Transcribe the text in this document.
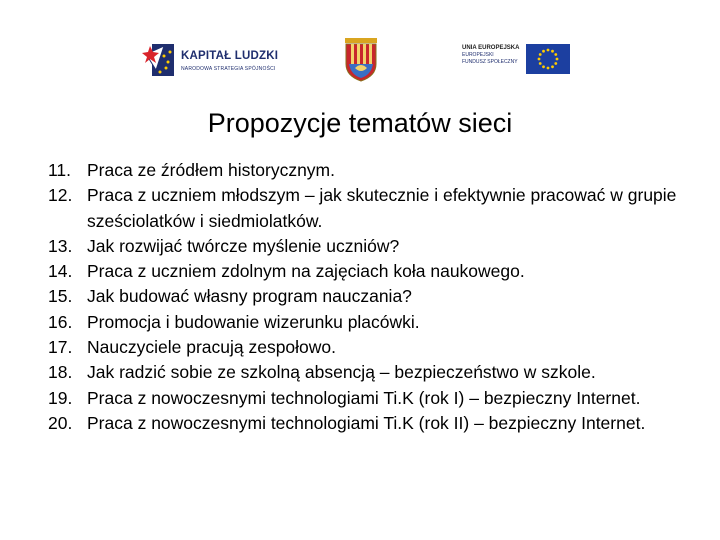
KAPITAŁ LUDZKI
NARODOWA STRATEGIA SPÓJNOŚCI
UNIA EUROPEJSKA
EUROPEJSKI
FUNDUSZ SPOŁECZNY
Propozycje tematów sieci
11. Praca ze źródłem historycznym.
12. Praca z uczniem młodszym – jak skutecznie i efektywnie pracować w grupie sześciolatków i siedmiolatków.
13. Jak rozwijać twórcze myślenie uczniów?
14. Praca z uczniem zdolnym na zajęciach koła naukowego.
15. Jak budować własny program nauczania?
16. Promocja i budowanie wizerunku placówki.
17. Nauczyciele pracują zespołowo.
18. Jak radzić sobie ze szkolną absencją – bezpieczeństwo w szkole.
19. Praca z nowoczesnymi technologiami Ti.K (rok I) – bezpieczny Internet.
20. Praca z nowoczesnymi technologiami Ti.K (rok II) – bezpieczny Internet.
